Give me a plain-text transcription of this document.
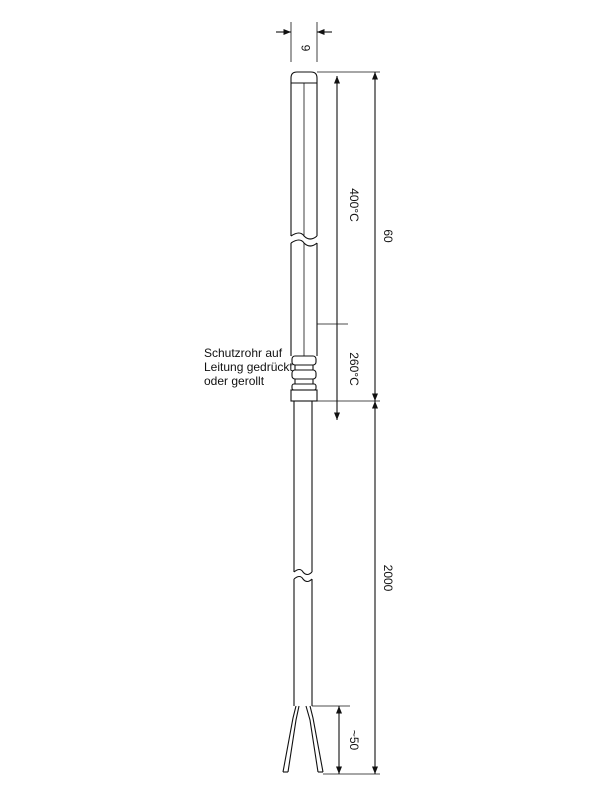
6
400°C
260°C
60
2000
~50
Schutzrohr auf
Leitung gedrückt
oder gerollt
